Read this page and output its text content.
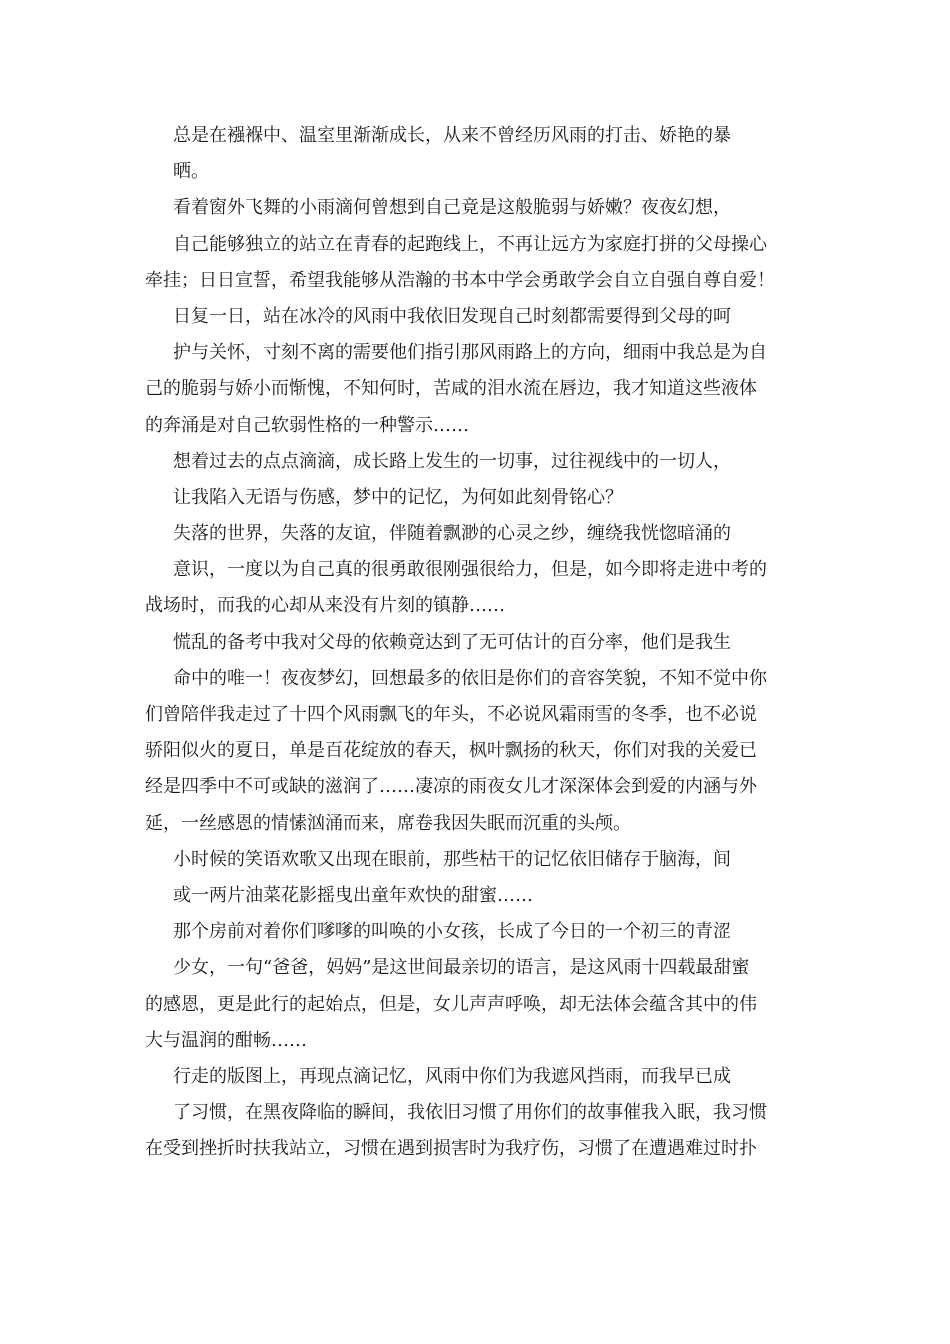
总是在襁褓中、温室里渐渐成长，从来不曾经历风雨的打击、娇艳的暴
晒。
看着窗外飞舞的小雨滴何曾想到自己竟是这般脆弱与娇嫩？夜夜幻想，
自己能够独立的站立在青春的起跑线上，不再让远方为家庭打拼的父母操心
牵挂；日日宣誓，希望我能够从浩瀚的书本中学会勇敢学会自立自强自尊自爱！
日复一日，站在冰冷的风雨中我依旧发现自己时刻都需要得到父母的呵
护与关怀，寸刻不离的需要他们指引那风雨路上的方向，细雨中我总是为自
己的脆弱与娇小而惭愧，不知何时，苦咸的泪水流在唇边，我才知道这些液体
的奔涌是对自己软弱性格的一种警示……
想着过去的点点滴滴，成长路上发生的一切事，过往视线中的一切人，
让我陷入无语与伤感，梦中的记忆，为何如此刻骨铭心？
失落的世界，失落的友谊，伴随着飘渺的心灵之纱，缠绕我恍惚暗涌的
意识，一度以为自己真的很勇敢很刚强很给力，但是，如今即将走进中考的
战场时，而我的心却从来没有片刻的镇静……
慌乱的备考中我对父母的依赖竟达到了无可估计的百分率，他们是我生
命中的唯一！夜夜梦幻，回想最多的依旧是你们的音容笑貌，不知不觉中你
们曾陪伴我走过了十四个风雨飘飞的年头，不必说风霜雨雪的冬季，也不必说
骄阳似火的夏日，单是百花绽放的春天，枫叶飘扬的秋天，你们对我的关爱已
经是四季中不可或缺的滋润了……凄凉的雨夜女儿才深深体会到爱的内涵与外
延，一丝感恩的情愫汹涌而来，席卷我因失眠而沉重的头颅。
小时候的笑语欢歌又出现在眼前，那些枯干的记忆依旧储存于脑海，间
或一两片油菜花影摇曳出童年欢快的甜蜜……
那个房前对着你们嗲嗲的叫唤的小女孩，长成了今日的一个初三的青涩
少女，一句“爸爸，妈妈”是这世间最亲切的语言，是这风雨十四载最甜蜜
的感恩，更是此行的起始点，但是，女儿声声呼唤，却无法体会蕴含其中的伟
大与温润的酣畅……
行走的版图上，再现点滴记忆，风雨中你们为我遮风挡雨，而我早已成
了习惯，在黑夜降临的瞬间，我依旧习惯了用你们的故事催我入眠，我习惯
在受到挫折时扶我站立，习惯在遇到损害时为我疗伤，习惯了在遭遇难过时扑
